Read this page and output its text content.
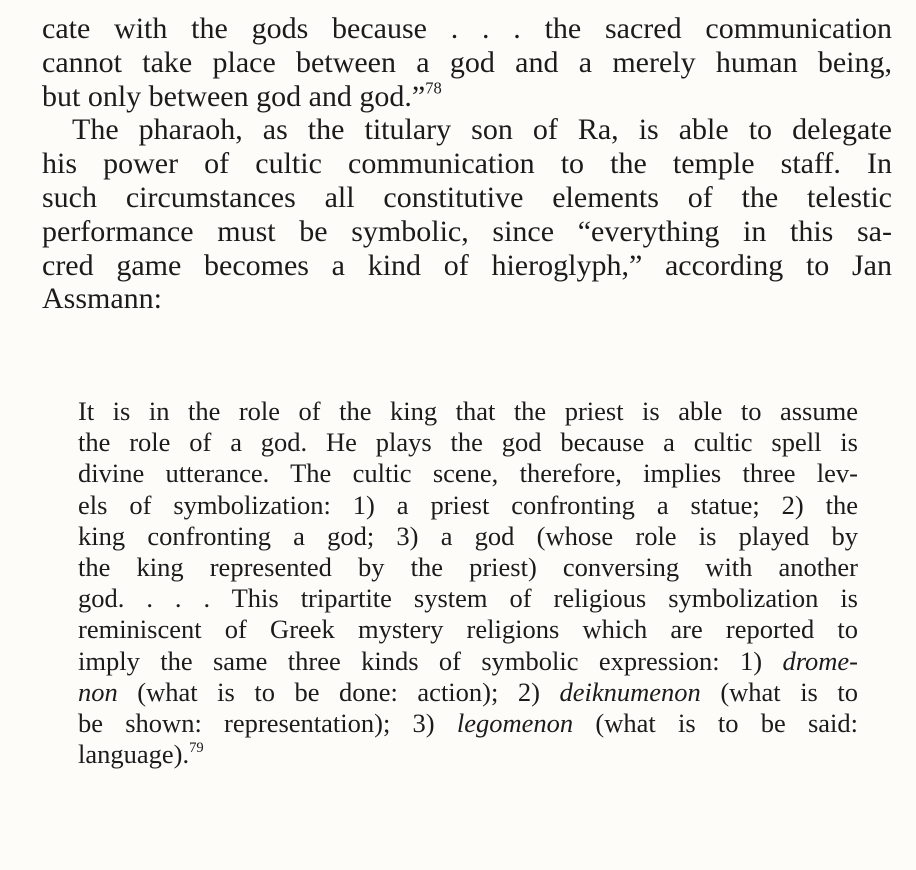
cate with the gods because . . . the sacred communication
cannot take place between a god and a merely human being,
but only between god and god.”$^{78}$
The pharaoh, as the titulary son of Ra, is able to delegate
his power of cultic communication to the temple staff. In
such circumstances all constitutive elements of the telestic
performance must be symbolic, since “everything in this sa-
cred game becomes a kind of hieroglyph,” according to Jan
Assmann:
It is in the role of the king that the priest is able to assume
the role of a god. He plays the god because a cultic spell is
divine utterance. The cultic scene, therefore, implies three lev-
els of symbolization: 1) a priest confronting a statue; 2) the
king confronting a god; 3) a god (whose role is played by
the king represented by the priest) conversing with another
god. . . . This tripartite system of religious symbolization is
reminiscent of Greek mystery religions which are reported to
imply the same three kinds of symbolic expression: 1) drome-
non (what is to be done: action); 2) deiknumenon (what is to
be shown: representation); 3) legomenon (what is to be said:
language).$^{79}$
